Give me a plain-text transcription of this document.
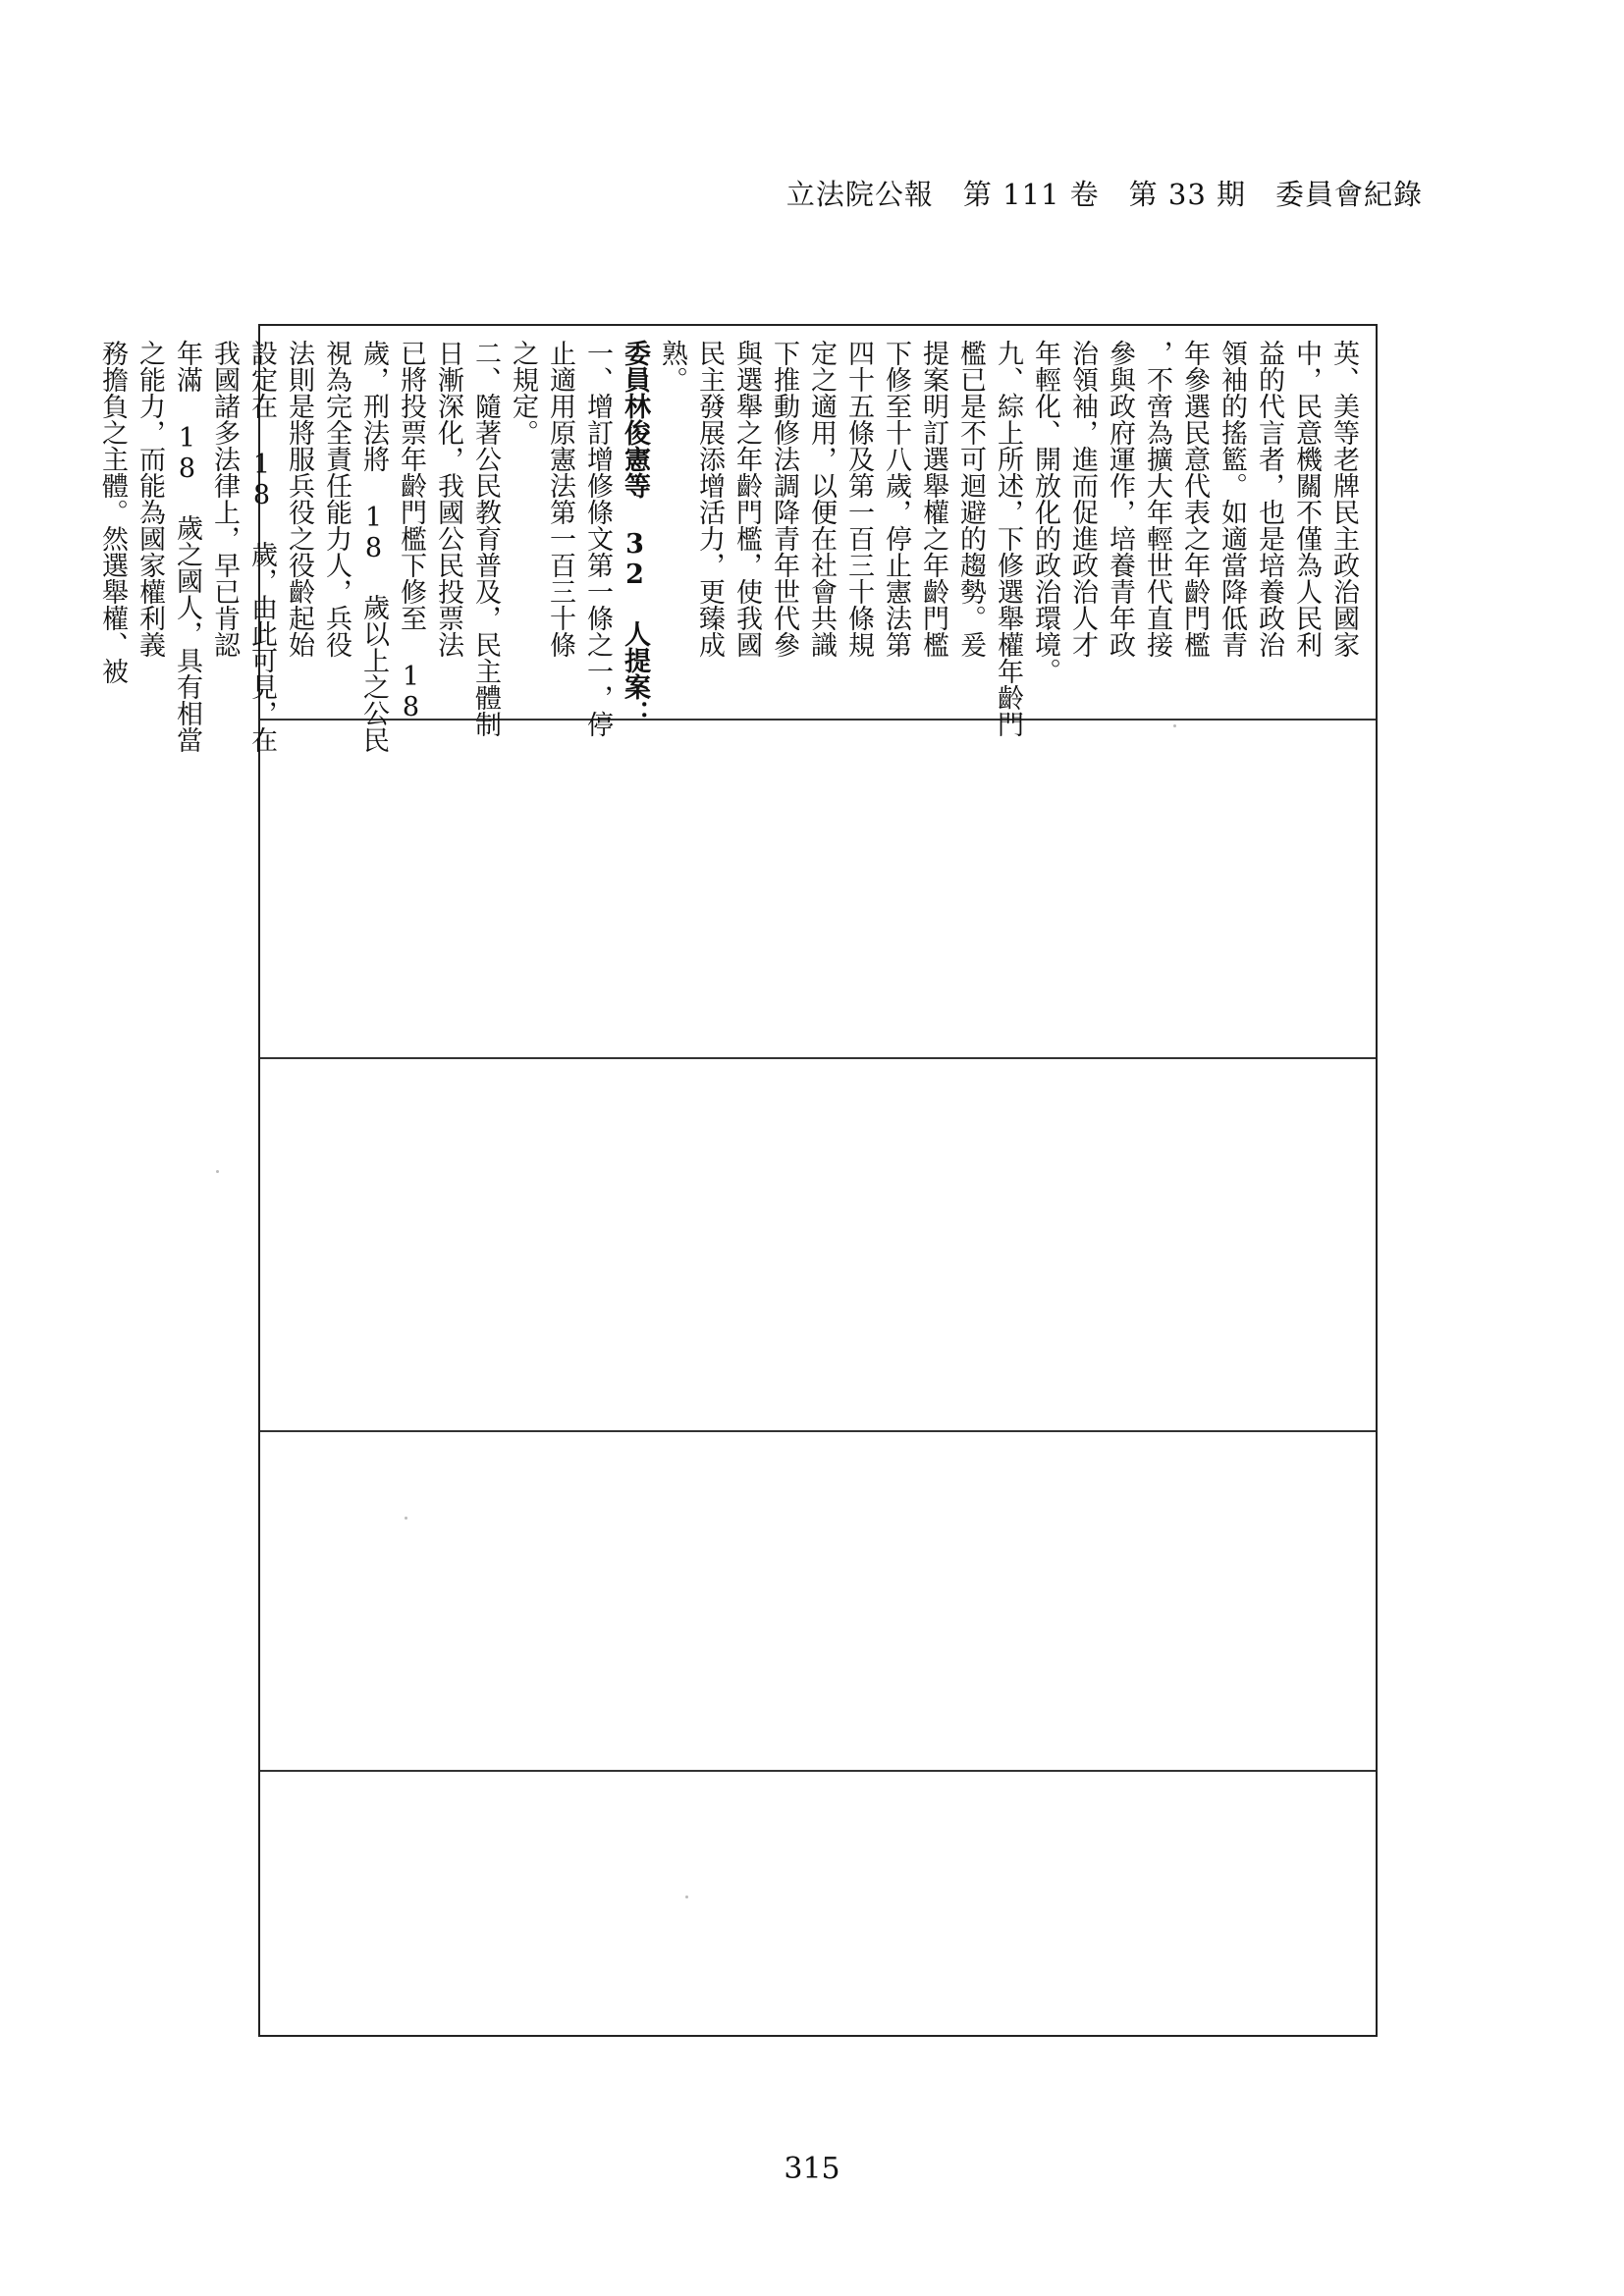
立法院公報　第 111 卷　第 33 期　委員會紀錄
英、美等老牌民主政治國家
中，民意機關不僅為人民利
益的代言者，也是培養政治
領袖的搖籃。如適當降低青
年參選民意代表之年齡門檻
，不啻為擴大年輕世代直接
參與政府運作，培養青年政
治領袖，進而促進政治人才
年輕化、開放化的政治環境。
九、綜上所述，下修選舉權年齡門
檻已是不可迴避的趨勢。爰
提案明訂選舉權之年齡門檻
下修至十八歲，停止憲法第
四十五條及第一百三十條規
定之適用，以便在社會共識
下推動修法調降青年世代參
與選舉之年齡門檻，使我國
民主發展添增活力，更臻成
熟。
委員林俊憲等 32 人提案：
一、增訂增修條文第一條之一，停
止適用原憲法第一百三十條
之規定。
二、隨著公民教育普及，民主體制
日漸深化，我國公民投票法
已將投票年齡門檻下修至 18
歲，刑法將 18 歲以上之公民
視為完全責任能力人，兵役
法則是將服兵役之役齡起始
設定在 18 歲，由此可見，在
我國諸多法律上，早已肯認
年滿 18 歲之國人，具有相當
之能力，而能為國家權利義
務擔負之主體。然選舉權、被
315
